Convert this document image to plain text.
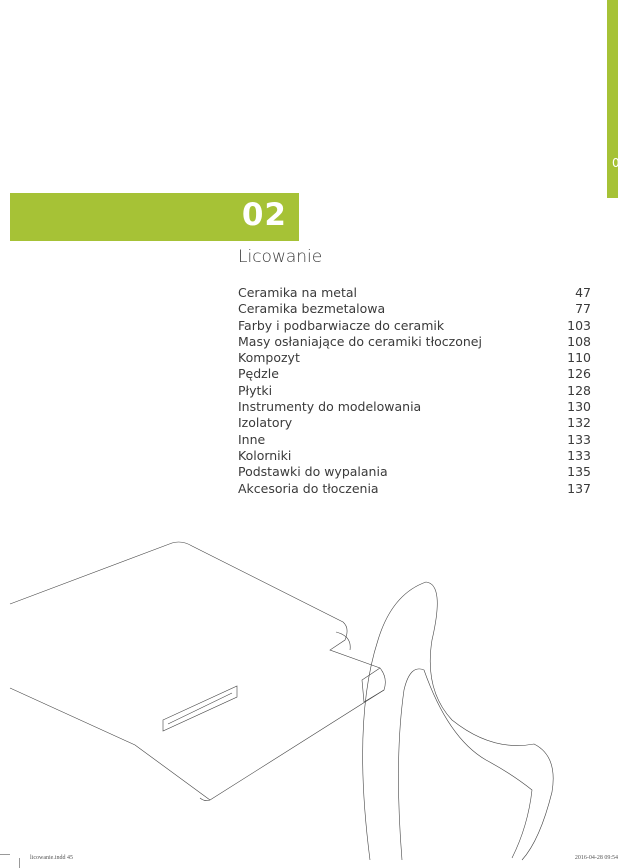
0
02
Licowanie
Ceramika na metal	47
Ceramika bezmetalowa	77
Farby i podbarwiacze do ceramik	103
Masy osłaniające do ceramiki tłoczonej	108
Kompozyt	110
Pędzle	126
Płytki	128
Instrumenty do modelowania	130
Izolatory	132
Inne	133
Kolorniki	133
Podstawki do wypalania	135
Akcesoria do tłoczenia	137
licowanie.indd 45	2016-04-28 09:54
